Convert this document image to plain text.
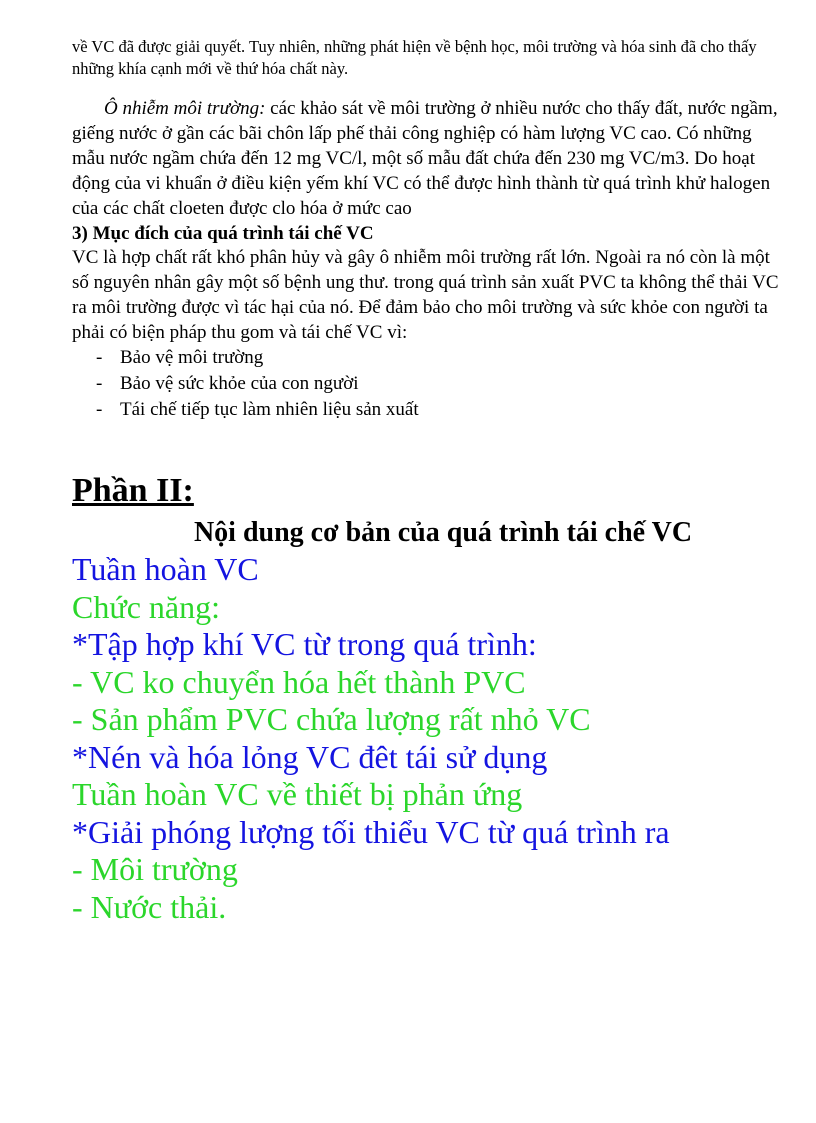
về VC đã được giải quyết. Tuy nhiên, những phát hiện về bệnh học, môi trường và hóa sinh đã cho thấy những khía cạnh mới về thứ hóa chất này.

Ô nhiễm môi trường: các khảo sát về môi trường ở nhiều nước cho thấy đất, nước ngầm, giếng nước ở gần các bãi chôn lấp phế thải công nghiệp có hàm lượng VC cao. Có những mẫu nước ngầm chứa đến 12 mg VC/l, một số mẫu đất chứa đến 230 mg VC/m3. Do hoạt động của vi khuẩn ở điều kiện yếm khí VC có thể được hình thành từ quá trình khử halogen của các chất cloeten được clo hóa ở mức cao

3) Mục đích của quá trình tái chế VC

VC là hợp chất rất khó phân hủy và gây ô nhiễm môi trường rất lớn. Ngoài ra nó còn là một số nguyên nhân gây một số bệnh ung thư. trong quá trình sản xuất PVC ta không thể thải VC ra môi trường được vì tác hại của nó. Để đảm bảo cho môi trường và sức khỏe con người ta phải có biện pháp thu gom và tái chế VC vì:

- Bảo vệ môi trường
- Bảo vệ sức khỏe của con người
- Tái chế tiếp tục làm nhiên liệu sản xuất
Phần II:
Nội dung cơ bản của quá trình tái chế VC

Tuần hoàn VC

Chức năng:

*Tập hợp khí VC từ trong quá trình:

- VC ko chuyển hóa hết thành PVC

- Sản phẩm PVC chứa lượng rất nhỏ VC

*Nén và hóa lỏng VC đêt tái sử dụng

Tuần hoàn VC về thiết bị phản ứng

*Giải phóng lượng tối thiểu VC từ quá trình ra

- Môi trường

- Nước thải.
